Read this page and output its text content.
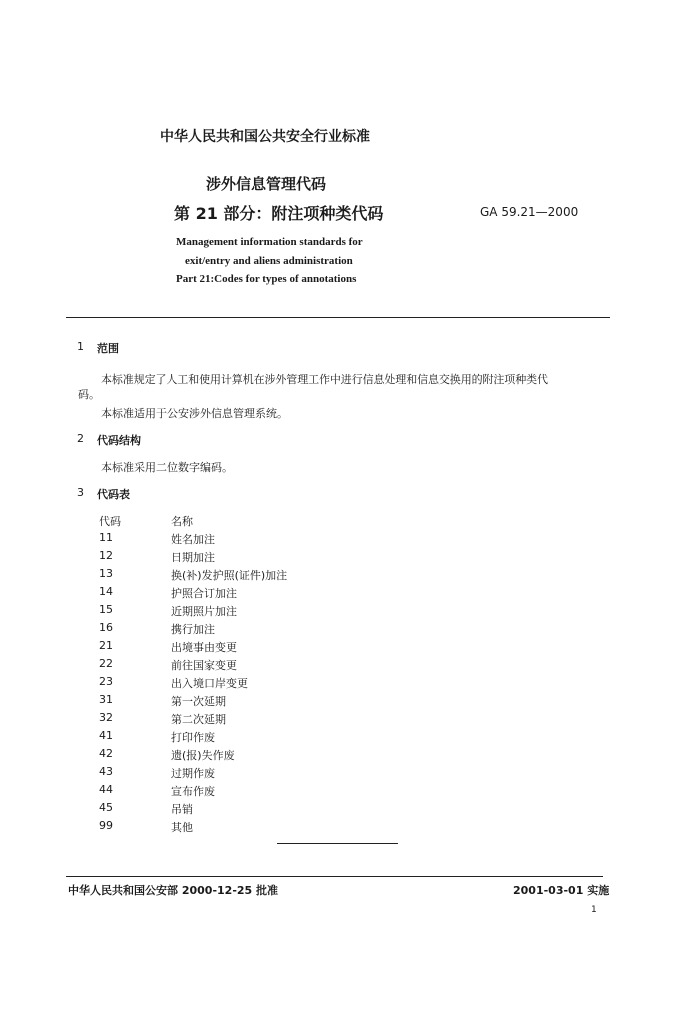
中华人民共和国公共安全行业标准
涉外信息管理代码
第 21 部分：附注项种类代码	GA 59.21—2000
Management information standards for
exit/entry and aliens administration
Part 21:Codes for types of annotations
1 范围
本标准规定了人工和使用计算机在涉外管理工作中进行信息处理和信息交换用的附注项种类代
码。
本标准适用于公安涉外信息管理系统。
2 代码结构
本标准采用二位数字编码。
3 代码表
代码	名称
11	姓名加注
12	日期加注
13	换(补)发护照(证件)加注
14	护照合订加注
15	近期照片加注
16	携行加注
21	出境事由变更
22	前往国家变更
23	出入境口岸变更
31	第一次延期
32	第二次延期
41	打印作废
42	遗(报)失作废
43	过期作废
44	宣布作废
45	吊销
99	其他
中华人民共和国公安部 2000-12-25 批准	2001-03-01 实施
1
